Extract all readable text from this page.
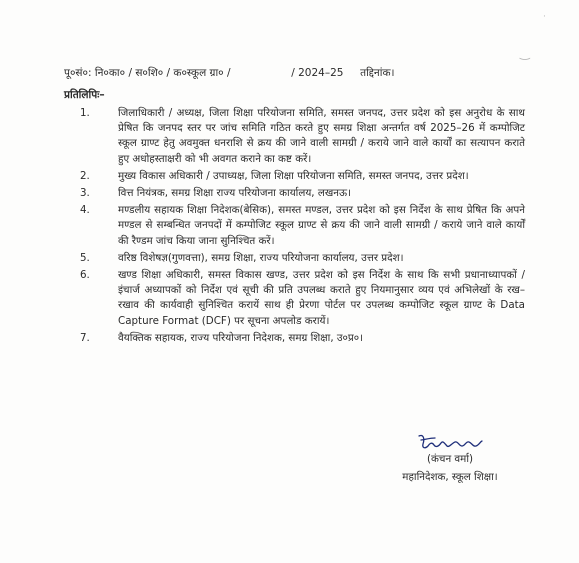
·
‿
पू०सं०: नि०का० / स०शि० / क०स्कूल ग्रा० /	/ 2024–25 तद्दिनांक।
प्रतिलिपिः–
1.	जिलाधिकारी / अध्यक्ष, जिला शिक्षा परियोजना समिति, समस्त जनपद, उत्तर प्रदेश को इस अनुरोध के साथ प्रेषित कि जनपद स्तर पर जांच समिति गठित करते हुए समग्र शिक्षा अन्तर्गत वर्ष 2025–26 में कम्पोजिट स्कूल ग्राण्ट हेतु अवमुक्त धनराशि से क्रय की जाने वाली सामग्री / कराये जाने वाले कार्यों का सत्यापन कराते हुए अधोहस्ताक्षरी को भी अवगत कराने का कष्ट करें।
2.	मुख्य विकास अधिकारी / उपाध्यक्ष, जिला शिक्षा परियोजना समिति, समस्त जनपद, उत्तर प्रदेश।
3.	वित्त नियंत्रक, समग्र शिक्षा राज्य परियोजना कार्यालय, लखनऊ।
4.	मण्डलीय सहायक शिक्षा निदेशक(बेसिक), समस्त मण्डल, उत्तर प्रदेश को इस निर्देश के साथ प्रेषित कि अपने मण्डल से सम्बन्धित जनपदों में कम्पोजिट स्कूल ग्राण्ट से क्रय की जाने वाली सामग्री / कराये जाने वाले कार्यों की रैण्डम जांच किया जाना सुनिश्चित करें।
5.	वरिष्ठ विशेषज्ञ(गुणवत्ता), समग्र शिक्षा, राज्य परियोजना कार्यालय, उत्तर प्रदेश।
6.	खण्ड शिक्षा अधिकारी, समस्त विकास खण्ड, उत्तर प्रदेश को इस निर्देश के साथ कि सभी प्रधानाध्यापकों / इंचार्ज अध्यापकों को निर्देश एवं सूची की प्रति उपलब्ध कराते हुए नियमानुसार व्यय एवं अभिलेखों के रख–रखाव की कार्यवाही सुनिश्चित करायें साथ ही प्रेरणा पोर्टल पर उपलब्ध कम्पोजिट स्कूल ग्राण्ट के Data Capture Format (DCF) पर सूचना अपलोड करायें।
7.	वैयक्तिक सहायक, राज्य परियोजना निदेशक, समग्र शिक्षा, उ०प्र०।
(कंचन वर्मा)
महानिदेशक, स्कूल शिक्षा।
